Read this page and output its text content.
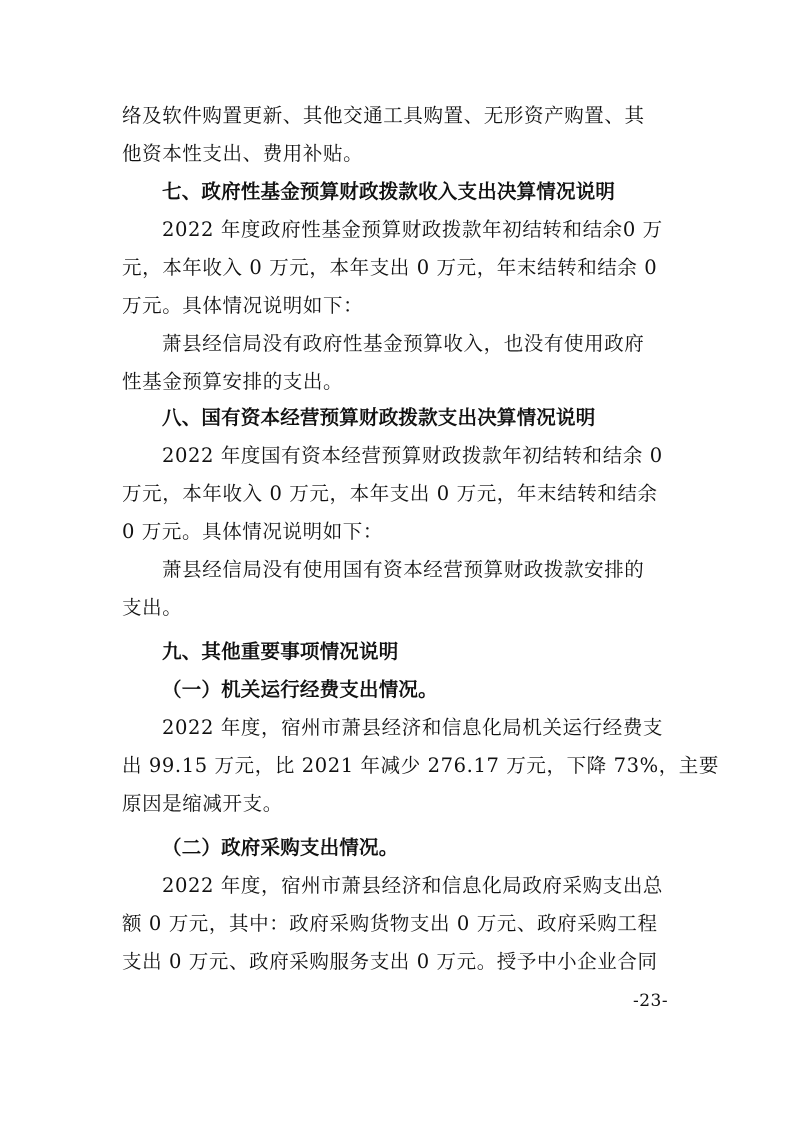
络及软件购置更新、其他交通工具购置、无形资产购置、其
他资本性支出、费用补贴。
七、政府性基金预算财政拨款收入支出决算情况说明
2022 年度政府性基金预算财政拨款年初结转和结余0 万
元，本年收入 0 万元，本年支出 0 万元，年末结转和结余 0
万元。具体情况说明如下：
萧县经信局没有政府性基金预算收入，也没有使用政府
性基金预算安排的支出。
八、国有资本经营预算财政拨款支出决算情况说明
2022 年度国有资本经营预算财政拨款年初结转和结余 0
万元，本年收入 0 万元，本年支出 0 万元，年末结转和结余
0 万元。具体情况说明如下：
萧县经信局没有使用国有资本经营预算财政拨款安排的
支出。
九、其他重要事项情况说明
（一）机关运行经费支出情况。
2022 年度，宿州市萧县经济和信息化局机关运行经费支
出 99.15 万元，比 2021 年减少 276.17 万元，下降 73%，主要
原因是缩减开支。
（二）政府采购支出情况。
2022 年度，宿州市萧县经济和信息化局政府采购支出总
额 0 万元，其中：政府采购货物支出 0 万元、政府采购工程
支出 0 万元、政府采购服务支出 0 万元。授予中小企业合同
-23-
